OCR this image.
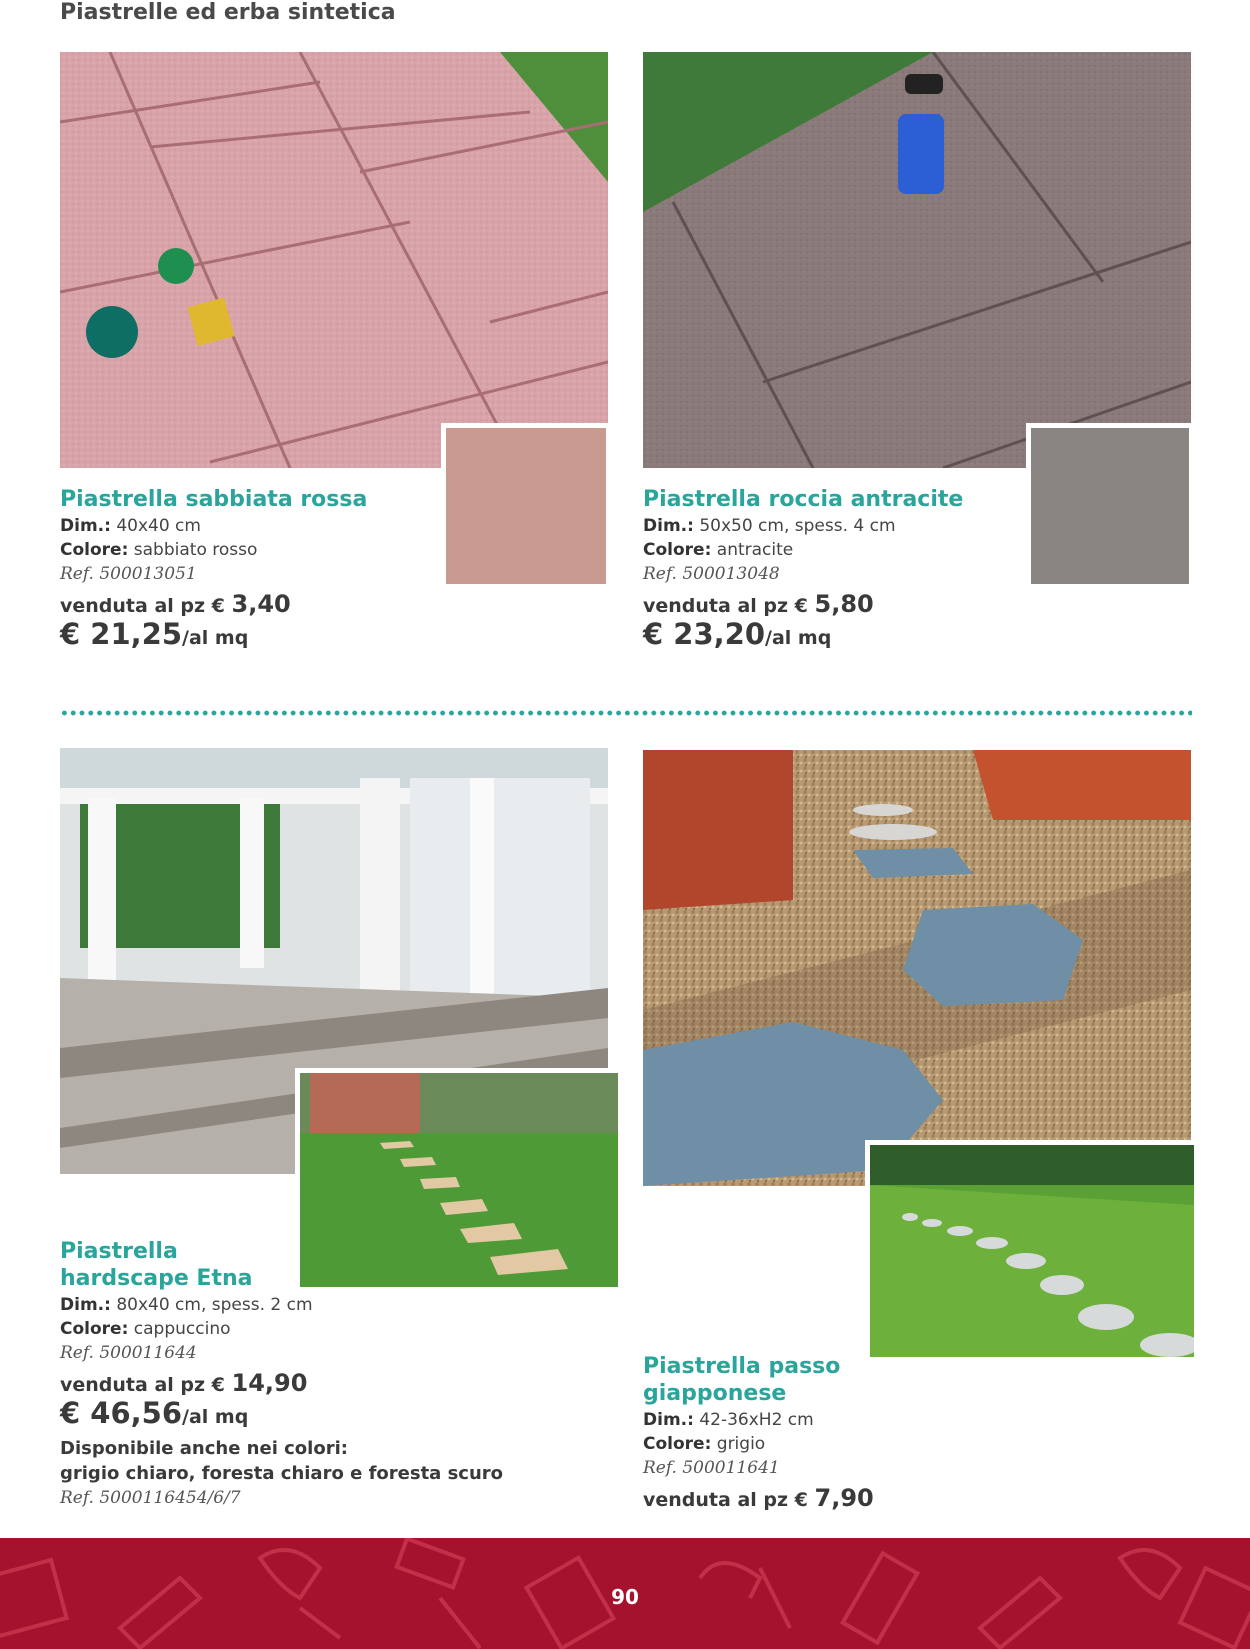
Piastrelle ed erba sintetica
Piastrella sabbiata rossa
Dim.: 40x40 cm
Colore: sabbiato rosso
Ref. 500013051
venduta al pz € 3,40
€ 21,25/al mq
Piastrella roccia antracite
Dim.: 50x50 cm, spess. 4 cm
Colore: antracite
Ref. 500013048
venduta al pz € 5,80
€ 23,20/al mq
Piastrella
hardscape Etna
Dim.: 80x40 cm, spess. 2 cm
Colore: cappuccino
Ref. 500011644
venduta al pz € 14,90
€ 46,56/al mq
Disponibile anche nei colori:
grigio chiaro, foresta chiaro e foresta scuro
Ref. 5000116454/6/7
Piastrella passo
giapponese
Dim.: 42-36xH2 cm
Colore: grigio
Ref. 500011641
venduta al pz € 7,90
90
